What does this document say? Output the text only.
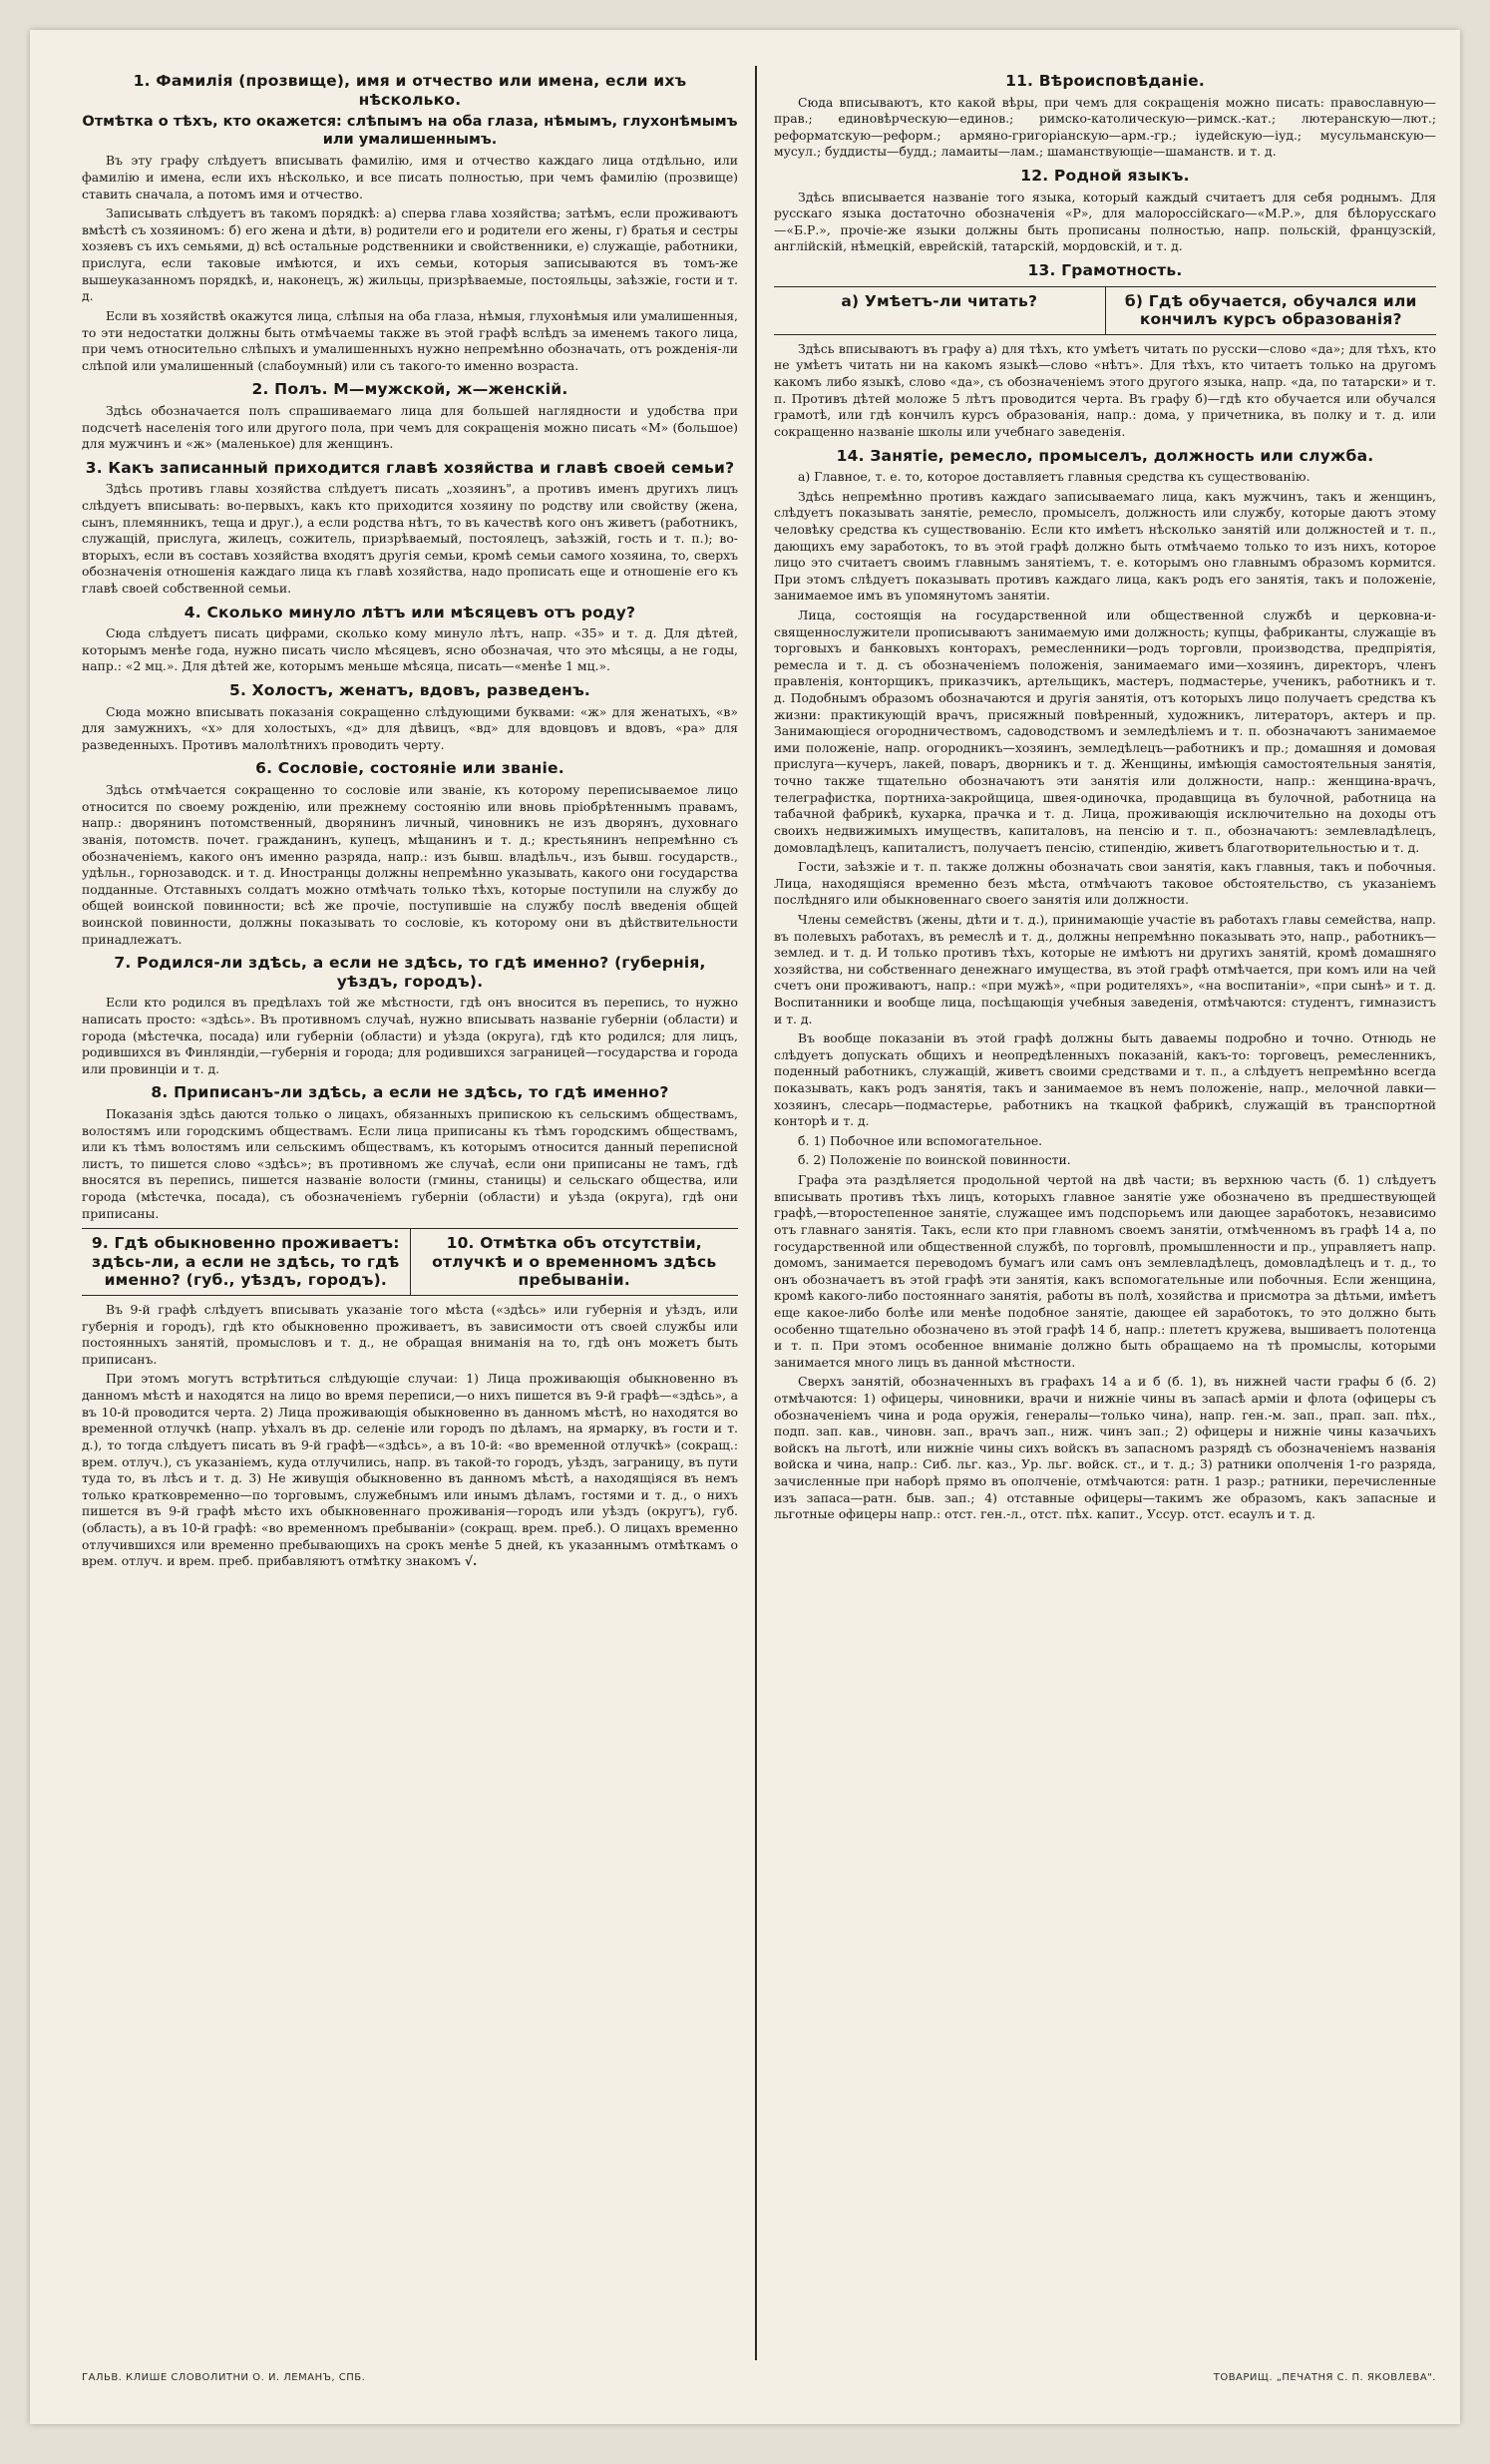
1. Фамилія (прозвище), имя и отчество или имена, если ихъ нѣсколько.
Отмѣтка о тѣхъ, кто окажется: слѣпымъ на оба глаза, нѣмымъ, глухонѣмымъ или умалишеннымъ.

Въ эту графу слѣдуетъ вписывать фамилію, имя и отчество каждаго лица отдѣльно, или фамилію и имена, если ихъ нѣсколько, и все писать полностью, при чемъ фамилію (прозвище) ставить сначала, а потомъ имя и отчество.

Записывать слѣдуетъ въ такомъ порядкѣ: а) сперва глава хозяйства; затѣмъ, если проживаютъ вмѣстѣ съ хозяиномъ: б) его жена и дѣти, в) родители его и родители его жены, г) братья и сестры хозяевъ съ ихъ семьями, д) всѣ остальные родственники и свойственники, е) служащіе, работники, прислуга, если таковые имѣются, и ихъ семьи, которыя записываются въ томъ-же вышеуказанномъ порядкѣ, и, наконецъ, ж) жильцы, призрѣваемые, постояльцы, заѣзжіе, гости и т. д.

Если въ хозяйствѣ окажутся лица, слѣпыя на оба глаза, нѣмыя, глухонѣмыя или умалишенныя, то эти недостатки должны быть отмѣчаемы также въ этой графѣ вслѣдъ за именемъ такого лица, при чемъ относительно слѣпыхъ и умалишенныхъ нужно непремѣнно обозначать, отъ рожденія-ли слѣпой или умалишенный (слабоумный) или съ такого-то именно возраста.

2. Полъ. М—мужской, ж—женскій.

Здѣсь обозначается полъ спрашиваемаго лица для большей наглядности и удобства при подсчетѣ населенія того или другого пола, при чемъ для сокращенія можно писать «М» (большое) для мужчинъ и «ж» (маленькое) для женщинъ.

3. Какъ записанный приходится главѣ хозяйства и главѣ своей семьи?

Здѣсь противъ главы хозяйства слѣдуетъ писать „хозяинъ", а противъ именъ другихъ лицъ слѣдуетъ вписывать: во-первыхъ, какъ кто приходится хозяину по родству или свойству (жена, сынъ, племянникъ, теща и друг.), а если родства нѣтъ, то въ качествѣ кого онъ живетъ (работникъ, служащій, прислуга, жилецъ, сожитель, призрѣваемый, постоялецъ, заѣзжій, гость и т. п.); во-вторыхъ, если въ составъ хозяйства входятъ другія семьи, кромѣ семьи самого хозяина, то, сверхъ обозначенія отношенія каждаго лица къ главѣ хозяйства, надо прописать еще и отношеніе его къ главѣ своей собственной семьи.

4. Сколько минуло лѣтъ или мѣсяцевъ отъ роду?

Сюда слѣдуетъ писать цифрами, сколько кому минуло лѣтъ, напр. «35» и т. д. Для дѣтей, которымъ менѣе года, нужно писать число мѣсяцевъ, ясно обозначая, что это мѣсяцы, а не годы, напр.: «2 мц.». Для дѣтей же, которымъ меньше мѣсяца, писать—«менѣе 1 мц.».

5. Холостъ, женатъ, вдовъ, разведенъ.

Сюда можно вписывать показанія сокращенно слѣдующими буквами: «ж» для женатыхъ, «в» для замужнихъ, «х» для холостыхъ, «д» для дѣвицъ, «вд» для вдовцовъ и вдовъ, «ра» для разведенныхъ. Противъ малолѣтнихъ проводить черту.

6. Сословіе, состояніе или званіе.

Здѣсь отмѣчается сокращенно то сословіе или званіе, къ которому переписываемое лицо относится по своему рожденію, или прежнему состоянію или вновь пріобрѣтеннымъ правамъ, напр.: дворянинъ потомственный, дворянинъ личный, чиновникъ не изъ дворянъ, духовнаго званія, потомств. почет. гражданинъ, купецъ, мѣщанинъ и т. д.; крестьянинъ непремѣнно съ обозначеніемъ, какого онъ именно разряда, напр.: изъ бывш. владѣльч., изъ бывш. государств., удѣльн., горнозаводск. и т. д. Иностранцы должны непремѣнно указывать, какого они государства подданные. Отставныхъ солдатъ можно отмѣчать только тѣхъ, которые поступили на службу до общей воинской повинности; всѣ же прочіе, поступившіе на службу послѣ введенія общей воинской повинности, должны показывать то сословіе, къ которому они въ дѣйствительности принадлежатъ.

7. Родился-ли здѣсь, а если не здѣсь, то гдѣ именно? (губернія, уѣздъ, городъ).

Если кто родился въ предѣлахъ той же мѣстности, гдѣ онъ вносится въ перепись, то нужно написать просто: «здѣсь». Въ противномъ случаѣ, нужно вписывать названіе губерніи (области) и города (мѣстечка, посада) или губерніи (области) и уѣзда (округа), гдѣ кто родился; для лицъ, родившихся въ Финляндіи,—губернія и города; для родившихся заграницей—государства и города или провинціи и т. д.

8. Приписанъ-ли здѣсь, а если не здѣсь, то гдѣ именно?

Показанія здѣсь даются только о лицахъ, обязанныхъ припискою къ сельскимъ обществамъ, волостямъ или городскимъ обществамъ. Если лица приписаны къ тѣмъ городскимъ обществамъ, или къ тѣмъ волостямъ или сельскимъ обществамъ, къ которымъ относится данный переписной листъ, то пишется слово «здѣсь»; въ противномъ же случаѣ, если они приписаны не тамъ, гдѣ вносятся въ перепись, пишется названіе волости (гмины, станицы) и сельскаго общества, или города (мѣстечка, посада), съ обозначеніемъ губерніи (области) и уѣзда (округа), гдѣ они приписаны.

9. Гдѣ обыкновенно проживаетъ: здѣсь-ли, а если не здѣсь, то гдѣ именно? (губ., уѣздъ, городъ).
10. Отмѣтка объ отсутствіи, отлучкѣ и о временномъ здѣсь пребываніи.

Въ 9-й графѣ слѣдуетъ вписывать указаніе того мѣста («здѣсь» или губернія и уѣздъ, или губернія и городъ), гдѣ кто обыкновенно проживаетъ, въ зависимости отъ своей службы или постоянныхъ занятій, промысловъ и т. д., не обращая вниманія на то, гдѣ онъ можетъ быть приписанъ.

При этомъ могутъ встрѣтиться слѣдующіе случаи: 1) Лица проживающія обыкновенно въ данномъ мѣстѣ и находятся на лицо во время переписи,—о нихъ пишется въ 9-й графѣ—«здѣсь», а въ 10-й проводится черта. 2) Лица проживающія обыкновенно въ данномъ мѣстѣ, но находятся во временной отлучкѣ (напр. уѣхалъ въ др. селеніе или городъ по дѣламъ, на ярмарку, въ гости и т. д.), то тогда слѣдуетъ писать въ 9-й графѣ—«здѣсь», а въ 10-й: «во временной отлучкѣ» (сокращ.: врем. отлуч.), съ указаніемъ, куда отлучились, напр. въ такой-то городъ, уѣздъ, заграницу, въ пути туда то, въ лѣсъ и т. д. 3) Не живущія обыкновенно въ данномъ мѣстѣ, а находящіяся въ немъ только кратковременно—по торговымъ, служебнымъ или инымъ дѣламъ, гостями и т. д., о нихъ пишется въ 9-й графѣ мѣсто ихъ обыкновеннаго проживанія—городъ или уѣздъ (округъ), губ. (область), а въ 10-й графѣ: «во временномъ пребываніи» (сокращ. врем. преб.). О лицахъ временно отлучившихся или временно пребывающихъ на срокъ менѣе 5 дней, къ указаннымъ отмѣткамъ о врем. отлуч. и врем. преб. прибавляютъ отмѣтку знакомъ √.

11. Вѣроисповѣданіе.

Сюда вписываютъ, кто какой вѣры, при чемъ для сокращенія можно писать: православную—прав.; единовѣрческую—единов.; римско-католическую—римск.-кат.; лютеранскую—лют.; реформатскую—реформ.; армяно-григоріанскую—арм.-гр.; іудейскую—іуд.; мусульманскую—мусул.; буддисты—будд.; ламаиты—лам.; шаманствующіе—шаманств. и т. д.

12. Родной языкъ.

Здѣсь вписывается названіе того языка, который каждый считаетъ для себя роднымъ. Для русскаго языка достаточно обозначенія «Р», для малороссійскаго—«М.Р.», для бѣлорусскаго—«Б.Р.», прочіе-же языки должны быть прописаны полностью, напр. польскій, французскій, англійскій, нѣмецкій, еврейскій, татарскій, мордовскій, и т. д.

13. Грамотность.
а) Умѣетъ-ли читать?	б) Гдѣ обучается, обучался или кончилъ курсъ образованія?

Здѣсь вписываютъ въ графу а) для тѣхъ, кто умѣетъ читать по русски—слово «да»; для тѣхъ, кто не умѣетъ читать ни на какомъ языкѣ—слово «нѣтъ». Для тѣхъ, кто читаетъ только на другомъ какомъ либо языкѣ, слово «да», съ обозначеніемъ этого другого языка, напр. «да, по татарски» и т. п. Противъ дѣтей моложе 5 лѣтъ проводится черта. Въ графу б)—гдѣ кто обучается или обучался грамотѣ, или гдѣ кончилъ курсъ образованія, напр.: дома, у причетника, въ полку и т. д. или сокращенно названіе школы или учебнаго заведенія.

14. Занятіе, ремесло, промыселъ, должность или служба.

а) Главное, т. е. то, которое доставляетъ главныя средства къ существованію.

Здѣсь непремѣнно противъ каждаго записываемаго лица, какъ мужчинъ, такъ и женщинъ, слѣдуетъ показывать занятіе, ремесло, промыселъ, должность или службу, которые даютъ этому человѣку средства къ существованію. Если кто имѣетъ нѣсколько занятій или должностей и т. п., дающихъ ему заработокъ, то въ этой графѣ должно быть отмѣчаемо только то изъ нихъ, которое лицо это считаетъ своимъ главнымъ занятіемъ, т. е. которымъ оно главнымъ образомъ кормится. При этомъ слѣдуетъ показывать противъ каждаго лица, какъ родъ его занятія, такъ и положеніе, занимаемое имъ въ упомянутомъ занятіи.

Лица, состоящія на государственной или общественной службѣ и церковна-и-священнослужители прописываютъ занимаемую ими должность; купцы, фабриканты, служащіе въ торговыхъ и банковыхъ конторахъ, ремесленники—родъ торговли, производства, предпріятія, ремесла и т. д. съ обозначеніемъ положенія, занимаемаго ими—хозяинъ, директоръ, членъ правленія, конторщикъ, приказчикъ, артельщикъ, мастеръ, подмастерье, ученикъ, работникъ и т. д. Подобнымъ образомъ обозначаются и другія занятія, отъ которыхъ лицо получаетъ средства къ жизни: практикующій врачъ, присяжный повѣренный, художникъ, литераторъ, актеръ и пр. Занимающіеся огородничествомъ, садоводствомъ и земледѣліемъ и т. п. обозначаютъ занимаемое ими положеніе, напр. огородникъ—хозяинъ, земледѣлецъ—работникъ и пр.; домашняя и домовая прислуга—кучеръ, лакей, поваръ, дворникъ и т. д. Женщины, имѣющія самостоятельныя занятія, точно также тщательно обозначаютъ эти занятія или должности, напр.: женщина-врачъ, телеграфистка, портниха-закройщица, швея-одиночка, продавщица въ булочной, работница на табачной фабрикѣ, кухарка, прачка и т. д. Лица, проживающія исключительно на доходы отъ своихъ недвижимыхъ имуществъ, капиталовъ, на пенсію и т. п., обозначаютъ: землевладѣлецъ, домовладѣлецъ, капиталистъ, получаетъ пенсію, стипендію, живетъ благотворительностью и т. д.

Гости, заѣзжіе и т. п. также должны обозначать свои занятія, какъ главныя, такъ и побочныя. Лица, находящіяся временно безъ мѣста, отмѣчаютъ таковое обстоятельство, съ указаніемъ послѣдняго или обыкновеннаго своего занятія или должности.

Члены семействъ (жены, дѣти и т. д.), принимающіе участіе въ работахъ главы семейства, напр. въ полевыхъ работахъ, въ ремеслѣ и т. д., должны непремѣнно показывать это, напр., работникъ—землед. и т. д. И только противъ тѣхъ, которые не имѣютъ ни другихъ занятій, кромѣ домашняго хозяйства, ни собственнаго денежнаго имущества, въ этой графѣ отмѣчается, при комъ или на чей счетъ они проживаютъ, напр.: «при мужѣ», «при родителяхъ», «на воспитаніи», «при сынѣ» и т. д. Воспитанники и вообще лица, посѣщающія учебныя заведенія, отмѣчаются: студентъ, гимназистъ и т. д.

Въ вообще показаніи въ этой графѣ должны быть даваемы подробно и точно. Отнюдь не слѣдуетъ допускать общихъ и неопредѣленныхъ показаній, какъ-то: торговецъ, ремесленникъ, поденный работникъ, служащій, живетъ своими средствами и т. п., а слѣдуетъ непремѣнно всегда показывать, какъ родъ занятія, такъ и занимаемое въ немъ положеніе, напр., мелочной лавки—хозяинъ, слесарь—подмастерье, работникъ на ткацкой фабрикѣ, служащій въ транспортной конторѣ и т. д.

б. 1) Побочное или вспомогательное.

б. 2) Положеніе по воинской повинности.

Графа эта раздѣляется продольной чертой на двѣ части; въ верхнюю часть (б. 1) слѣдуетъ вписывать противъ тѣхъ лицъ, которыхъ главное занятіе уже обозначено въ предшествующей графѣ,—второстепенное занятіе, служащее имъ подспорьемъ или дающее заработокъ, независимо отъ главнаго занятія. Такъ, если кто при главномъ своемъ занятіи, отмѣченномъ въ графѣ 14 а, по государственной или общественной службѣ, по торговлѣ, промышленности и пр., управляетъ напр. домомъ, занимается переводомъ бумагъ или самъ онъ землевладѣлецъ, домовладѣлецъ и т. д., то онъ обозначаетъ въ этой графѣ эти занятія, какъ вспомогательные или побочныя. Если женщина, кромѣ какого-либо постояннаго занятія, работы въ полѣ, хозяйства и присмотра за дѣтьми, имѣетъ еще какое-либо болѣе или менѣе подобное занятіе, дающее ей заработокъ, то это должно быть особенно тщательно обозначено въ этой графѣ 14 б, напр.: плететъ кружева, вышиваетъ полотенца и т. п. При этомъ особенное вниманіе должно быть обращаемо на тѣ промыслы, которыми занимается много лицъ въ данной мѣстности.

Сверхъ занятій, обозначенныхъ въ графахъ 14 а и б (б. 1), въ нижней части графы б (б. 2) отмѣчаются: 1) офицеры, чиновники, врачи и нижніе чины въ запасѣ арміи и флота (офицеры съ обозначеніемъ чина и рода оружія, генералы—только чина), напр. ген.-м. зап., прап. зап. пѣх., подп. зап. кав., чиновн. зап., врачъ зап., ниж. чинъ зап.; 2) офицеры и нижніе чины казачьихъ войскъ на льготѣ, или нижніе чины сихъ войскъ въ запасномъ разрядѣ съ обозначеніемъ названія войска и чина, напр.: Сиб. льг. каз., Ур. льг. войск. ст., и т. д.; 3) ратники ополченія 1-го разряда, зачисленные при наборѣ прямо въ ополченіе, отмѣчаются: ратн. 1 разр.; ратники, перечисленные изъ запаса—ратн. быв. зап.; 4) отставные офицеры—такимъ же образомъ, какъ запасные и льготные офицеры напр.: отст. ген.-л., отст. пѣх. капит., Уссур. отст. есаулъ и т. д.

ГАЛЬВ. КЛИШЕ СЛОВОЛИТНИ О. И. ЛЕМАНЪ, СПБ.	ТОВАРИЩ. „ПЕЧАТНЯ С. П. ЯКОВЛЕВА".
